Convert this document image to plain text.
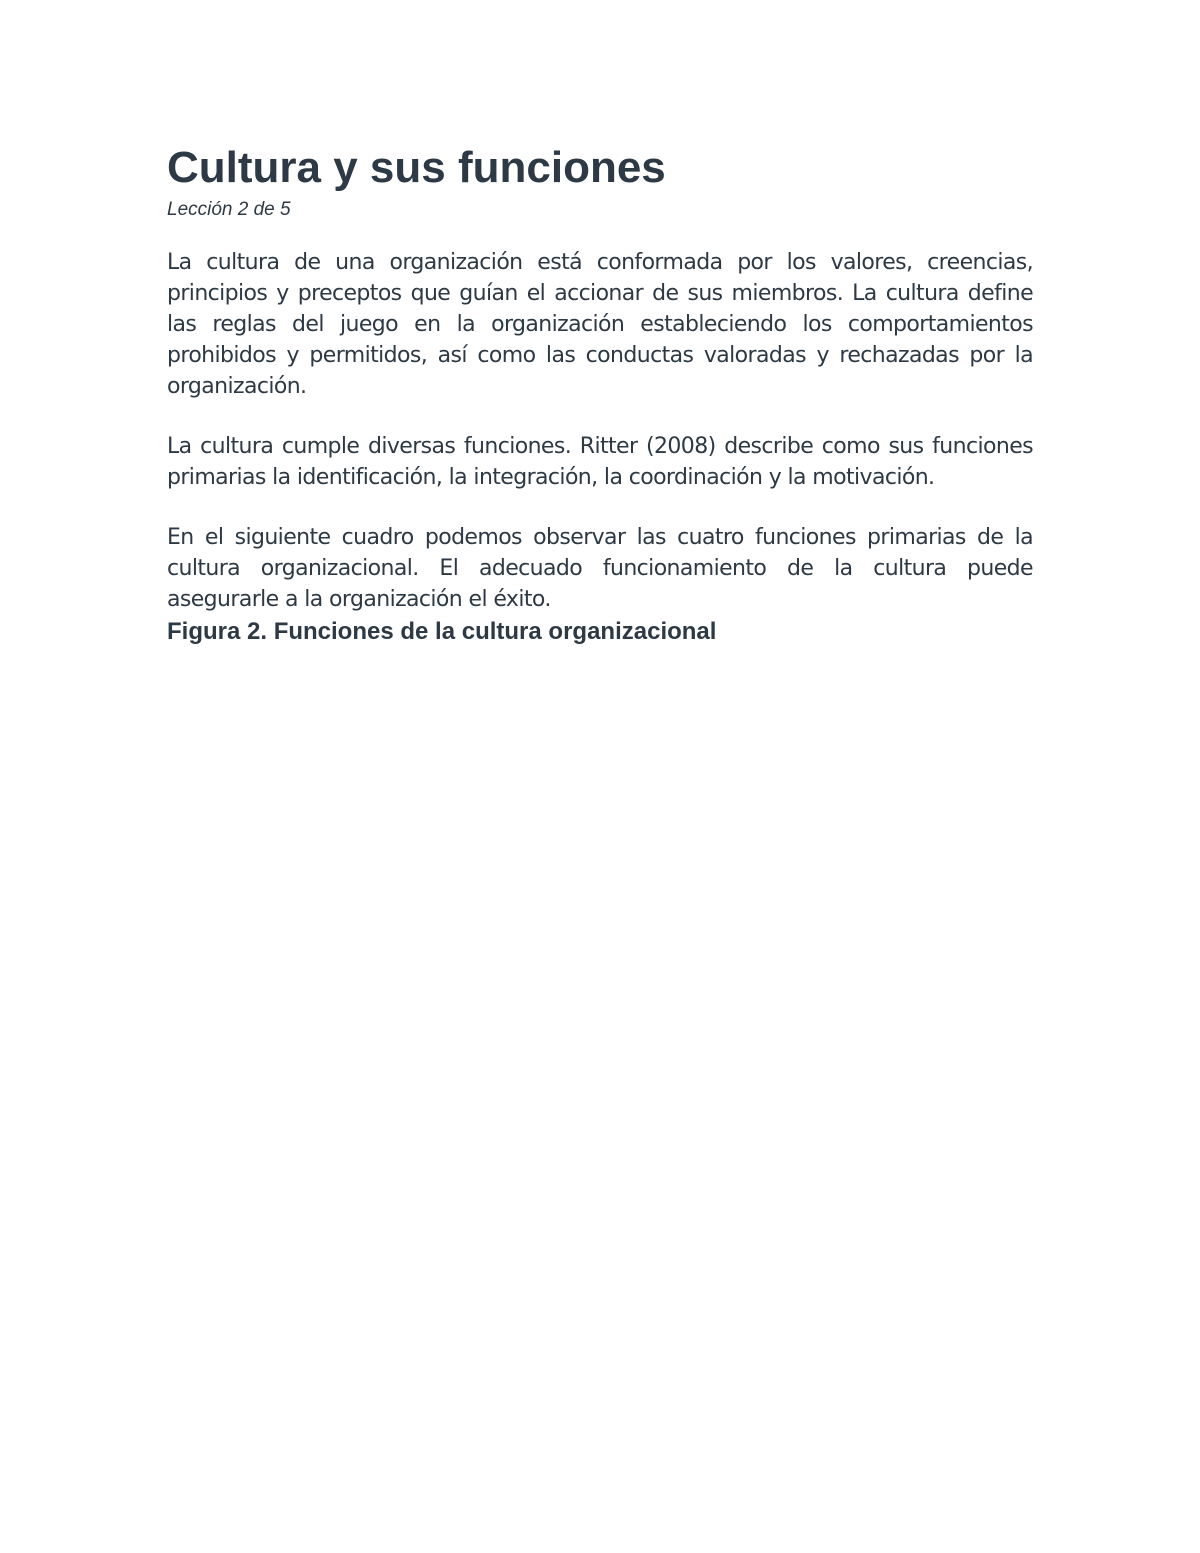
Cultura y sus funciones

Lección 2 de 5

La cultura de una organización está conformada por los valores, creencias, principios y preceptos que guían el accionar de sus miembros. La cultura define las reglas del juego en la organización estableciendo los comportamientos prohibidos y permitidos, así como las conductas valoradas y rechazadas por la organización.

La cultura cumple diversas funciones. Ritter (2008) describe como sus funciones primarias la identificación, la integración, la coordinación y la motivación.

En el siguiente cuadro podemos observar las cuatro funciones primarias de la cultura organizacional. El adecuado funcionamiento de la cultura puede asegurarle a la organización el éxito.

Figura 2. Funciones de la cultura organizacional
